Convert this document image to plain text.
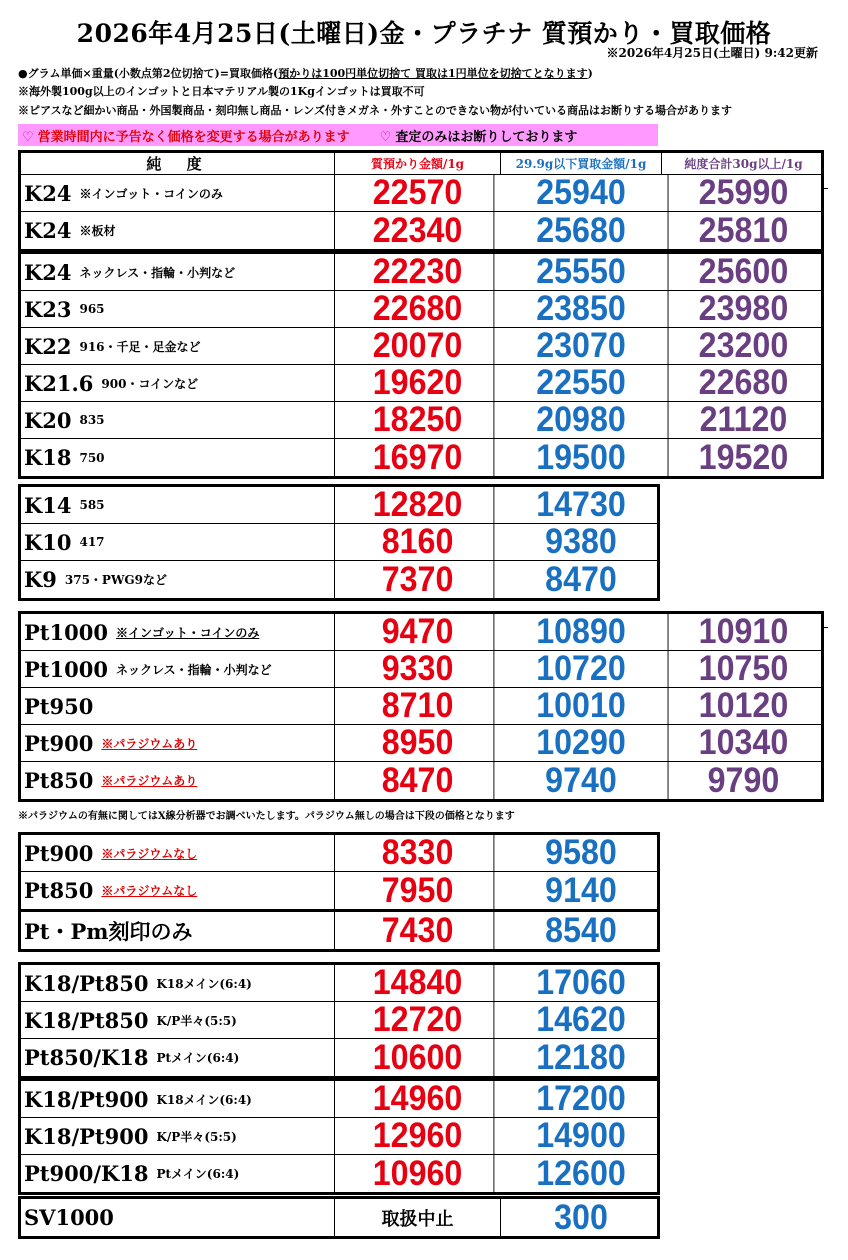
2026年4月25日(土曜日)金・プラチナ 質預かり・買取価格
※2026年4月25日(土曜日) 9:42更新
●グラム単価×重量(小数点第2位切捨て)=買取価格(預かりは100円単位切捨て 買取は1円単位を切捨てとなります)
※海外製100g以上のインゴットと日本マテリアル製の1Kgインゴットは買取不可
※ピアスなど細かい商品・外国製商品・刻印無し商品・レンズ付きメガネ・外すことのできない物が付いている商品はお断りする場合があります
♡ 営業時間内に予告なく価格を変更する場合があります ♡ 査定のみはお断りしております
純 度	質預かり金額/1g	29.9g以下買取金額/1g	純度合計30g以上/1g
K24 ※インゴット・コインのみ	22570	25940	25990
K24 ※板材	22340	25680	25810
K24 ネックレス・指輪・小判など	22230	25550	25600
K23 965	22680	23850	23980
K22 916・千足・足金など	20070	23070	23200
K21.6 900・コインなど	19620	22550	22680
K20 835	18250	20980	21120
K18 750	16970	19500	19520
K14 585	12820	14730
K10 417	8160	9380
K9 375・PWG9など	7370	8470
Pt1000 ※インゴット・コインのみ	9470	10890	10910
Pt1000 ネックレス・指輪・小判など	9330	10720	10750
Pt950	8710	10010	10120
Pt900 ※パラジウムあり	8950	10290	10340
Pt850 ※パラジウムあり	8470	9740	9790
Pt900 ※パラジウムなし	8330	9580
Pt850 ※パラジウムなし	7950	9140
Pt・Pm刻印のみ	7430	8540
K18/Pt850 K18メイン(6:4)	14840	17060
K18/Pt850 K/P半々(5:5)	12720	14620
Pt850/K18 Ptメイン(6:4)	10600	12180
K18/Pt900 K18メイン(6:4)	14960	17200
K18/Pt900 K/P半々(5:5)	12960	14900
Pt900/K18 Ptメイン(6:4)	10960	12600
SV1000	取扱中止	300
※パラジウムの有無に関してはX線分析器でお調べいたします。パラジウム無しの場合は下段の価格となります
